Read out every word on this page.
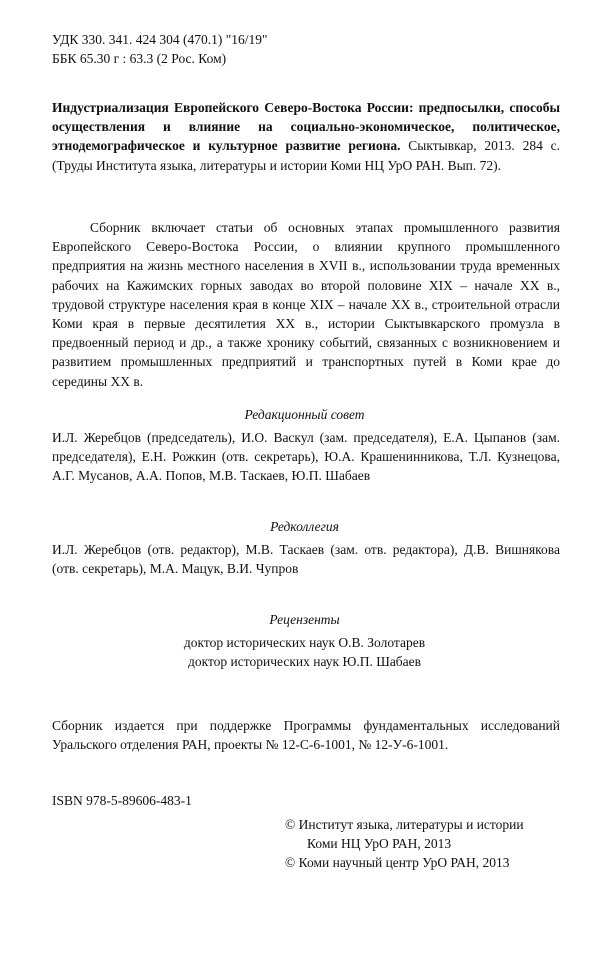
УДК 330. 341. 424 304 (470.1) "16/19"
ББК 65.30 г : 63.3 (2 Рос. Ком)
Индустриализация Европейского Северо-Востока России: предпосылки, способы осуществления и влияние на социально-экономическое, политическое, этнодемографическое и культурное развитие региона. Сыктывкар, 2013. 284 с. (Труды Института языка, литературы и истории Коми НЦ УрО РАН. Вып. 72).
Сборник включает статьи об основных этапах промышленного развития Европейского Северо-Востока России, о влиянии крупного промышленного предприятия на жизнь местного населения в XVII в., использовании труда временных рабочих на Кажимских горных заводах во второй половине XIX – начале XX в., трудовой структуре населения края в конце XIX – начале XX в., строительной отрасли Коми края в первые десятилетия XX в., истории Сыктывкарского промузла в предвоенный период и др., а также хронику событий, связанных с возникновением и развитием промышленных предприятий и транспортных путей в Коми крае до середины XX в.
Редакционный совет
И.Л. Жеребцов (председатель), И.О. Васкул (зам. председателя), Е.А. Цыпанов (зам. председателя), Е.Н. Рожкин (отв. секретарь), Ю.А. Крашенинникова, Т.Л. Кузнецова, А.Г. Мусанов, А.А. Попов, М.В. Таскаев, Ю.П. Шабаев
Редколлегия
И.Л. Жеребцов (отв. редактор), М.В. Таскаев (зам. отв. редактора), Д.В. Вишнякова (отв. секретарь), М.А. Мацук, В.И. Чупров
Рецензенты
доктор исторических наук О.В. Золотарев
доктор исторических наук Ю.П. Шабаев
Сборник издается при поддержке Программы фундаментальных исследований Уральского отделения РАН, проекты № 12-С-6-1001, № 12-У-6-1001.
ISBN 978-5-89606-483-1
© Институт языка, литературы и истории
Коми НЦ УрО РАН, 2013
© Коми научный центр УрО РАН, 2013
